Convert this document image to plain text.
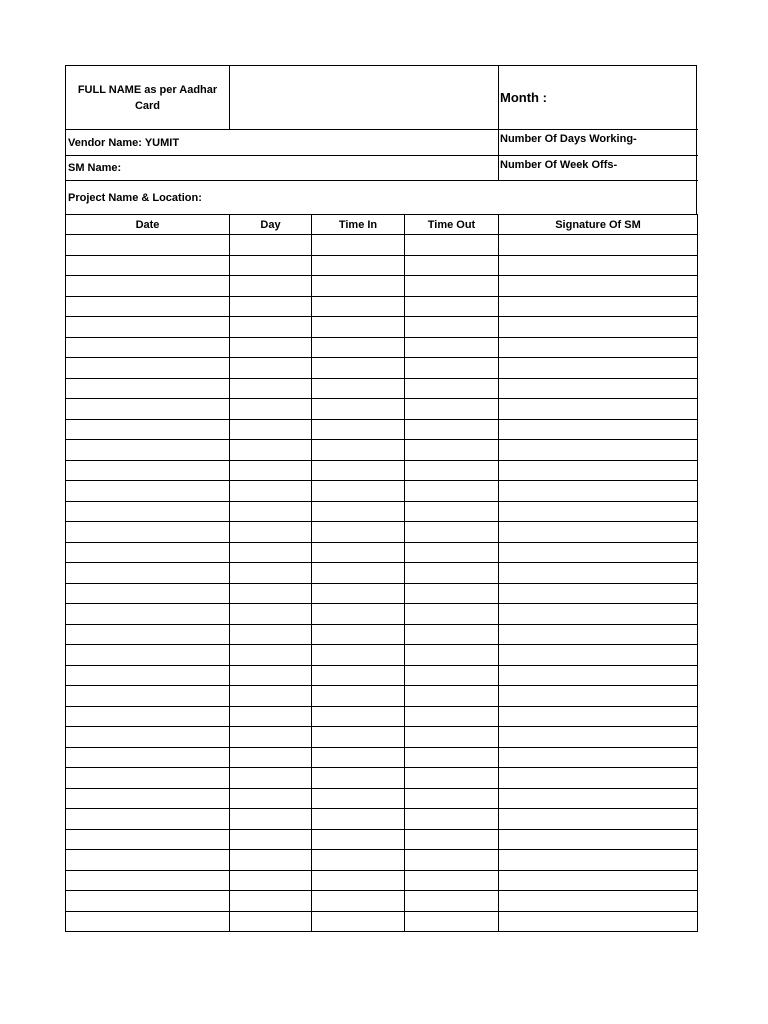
FULL NAME as per Aadhar Card
Month :
Vendor Name: YUMIT	Number Of Days Working-
SM Name:	Number Of Week Offs-
Project Name & Location:
Date	Day	Time In	Time Out	Signature Of SM
